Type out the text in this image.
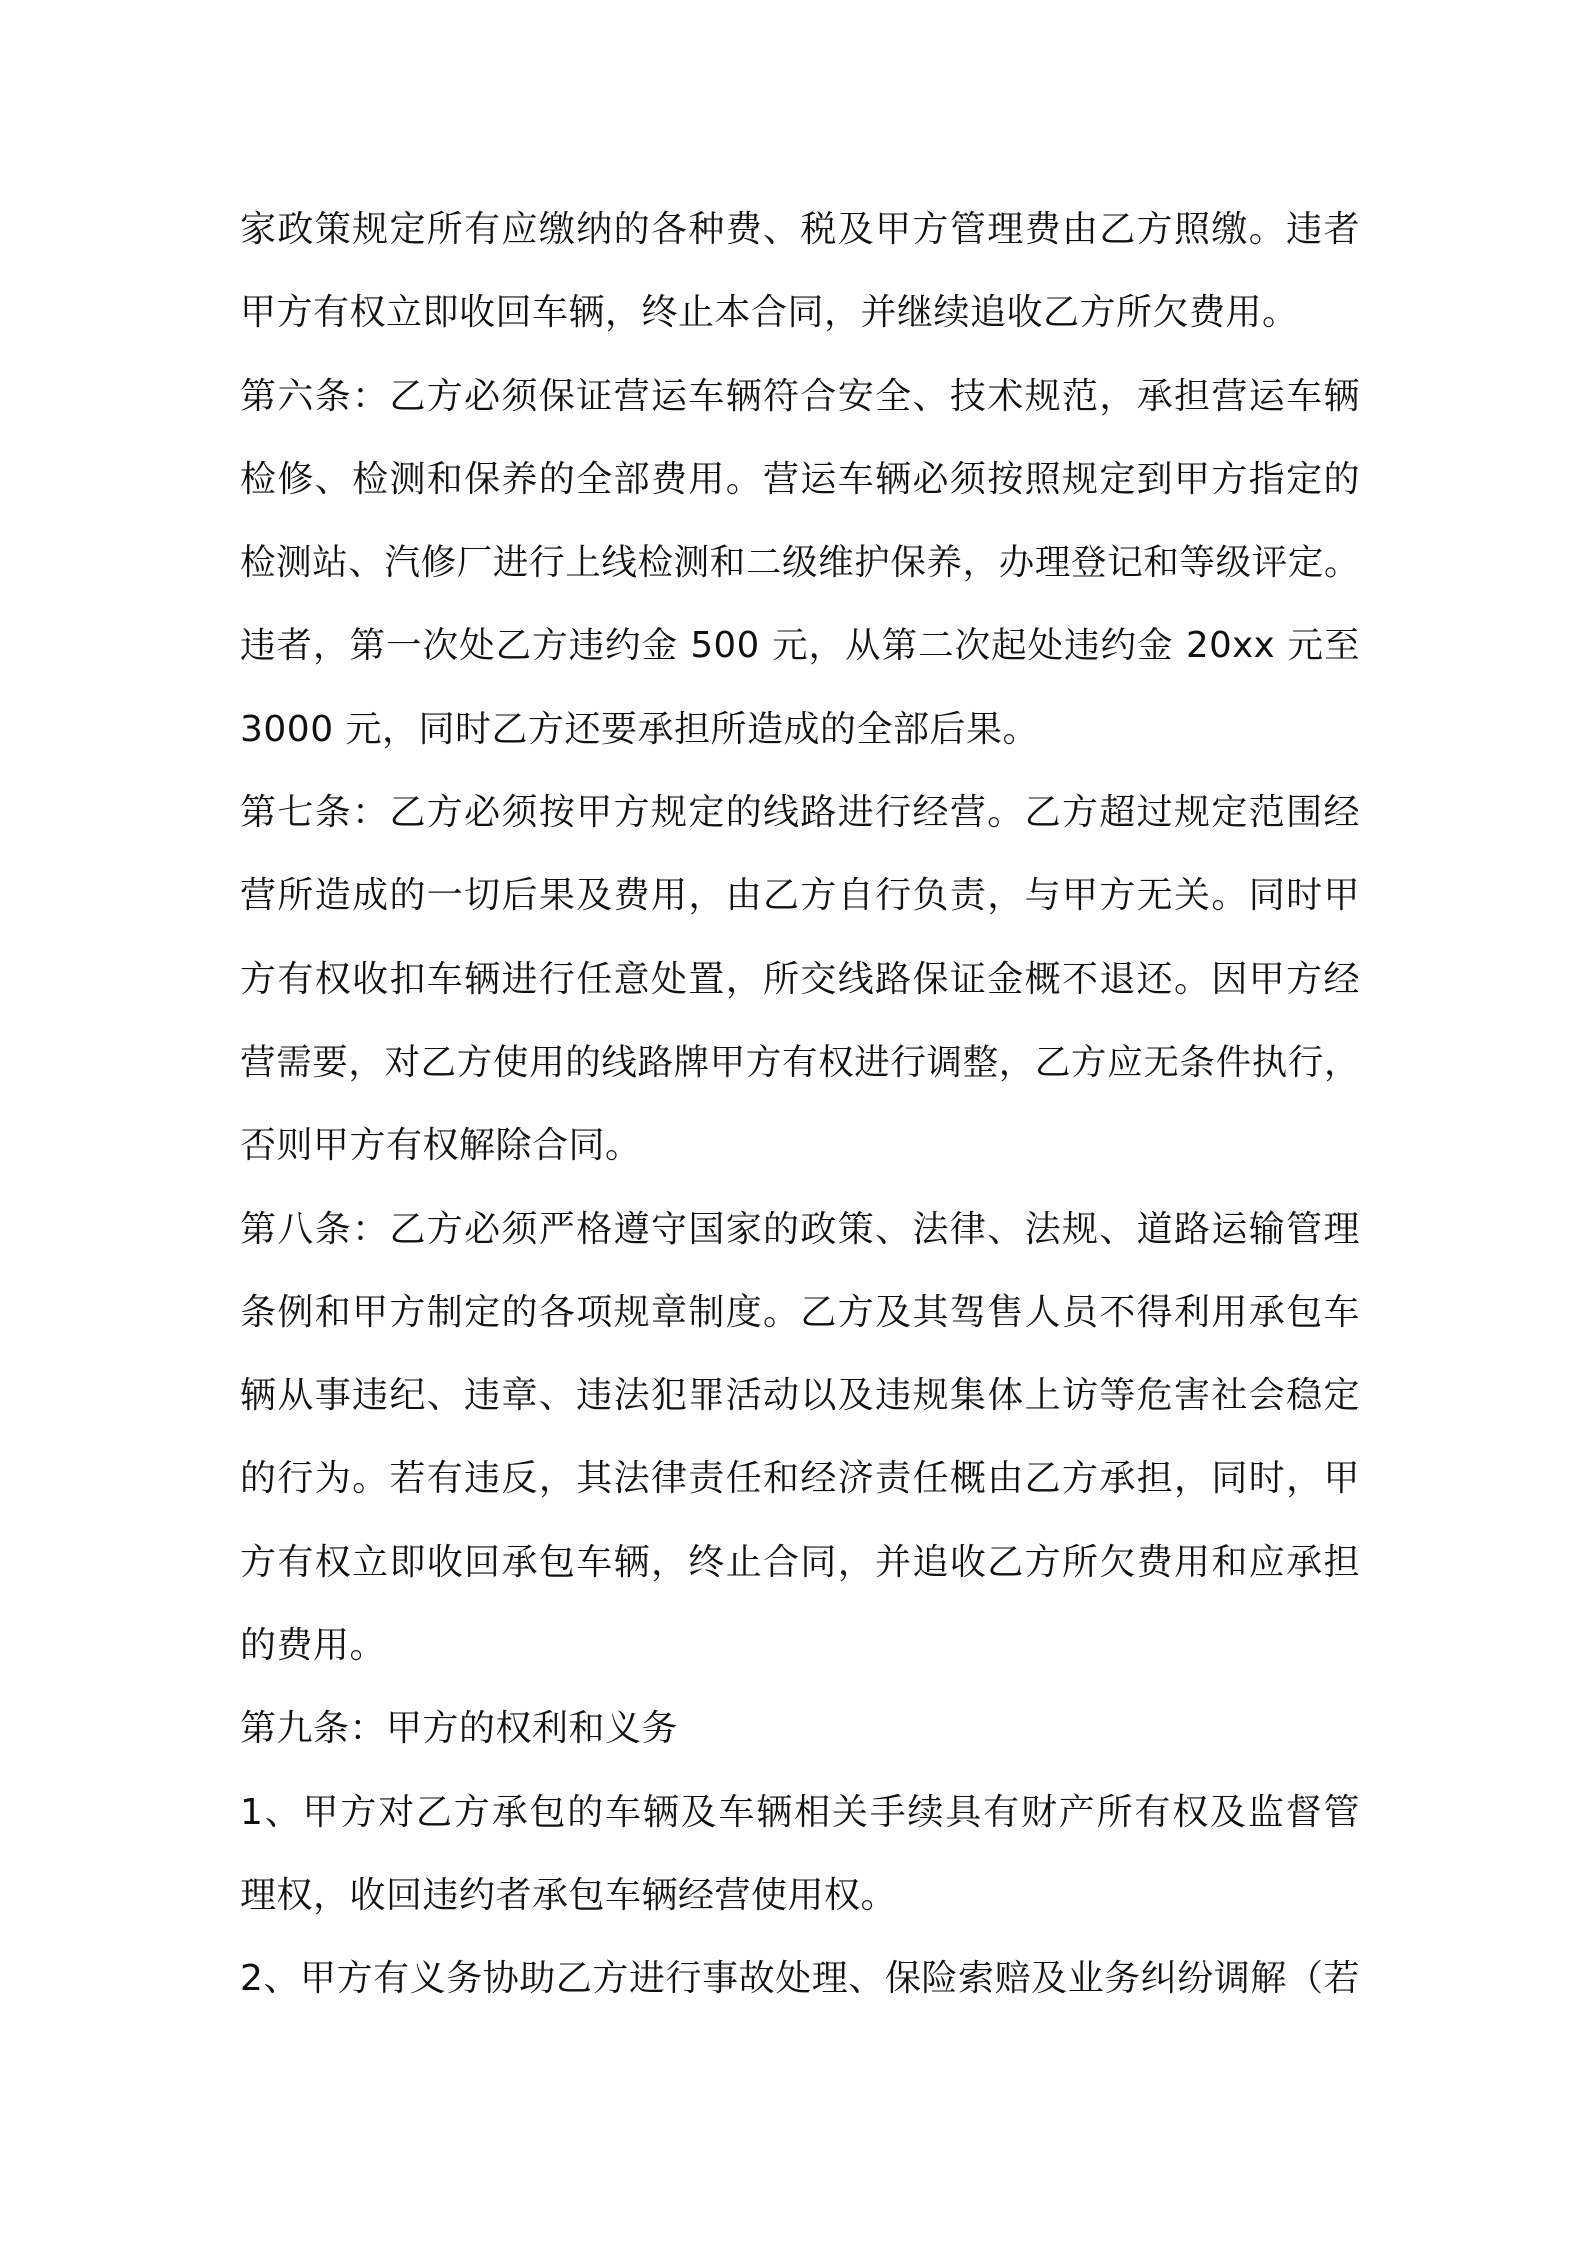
家政策规定所有应缴纳的各种费、税及甲方管理费由乙方照缴。违者
甲方有权立即收回车辆，终止本合同，并继续追收乙方所欠费用。
第六条：乙方必须保证营运车辆符合安全、技术规范，承担营运车辆
检修、检测和保养的全部费用。营运车辆必须按照规定到甲方指定的
检测站、汽修厂进行上线检测和二级维护保养，办理登记和等级评定。
违者，第一次处乙方违约金 500 元，从第二次起处违约金 20xx 元至
3000 元，同时乙方还要承担所造成的全部后果。
第七条：乙方必须按甲方规定的线路进行经营。乙方超过规定范围经
营所造成的一切后果及费用，由乙方自行负责，与甲方无关。同时甲
方有权收扣车辆进行任意处置，所交线路保证金概不退还。因甲方经
营需要，对乙方使用的线路牌甲方有权进行调整，乙方应无条件执行，
否则甲方有权解除合同。
第八条：乙方必须严格遵守国家的政策、法律、法规、道路运输管理
条例和甲方制定的各项规章制度。乙方及其驾售人员不得利用承包车
辆从事违纪、违章、违法犯罪活动以及违规集体上访等危害社会稳定
的行为。若有违反，其法律责任和经济责任概由乙方承担，同时，甲
方有权立即收回承包车辆，终止合同，并追收乙方所欠费用和应承担
的费用。
第九条：甲方的权利和义务
1、甲方对乙方承包的车辆及车辆相关手续具有财产所有权及监督管
理权，收回违约者承包车辆经营使用权。
2、甲方有义务协助乙方进行事故处理、保险索赔及业务纠纷调解（若
